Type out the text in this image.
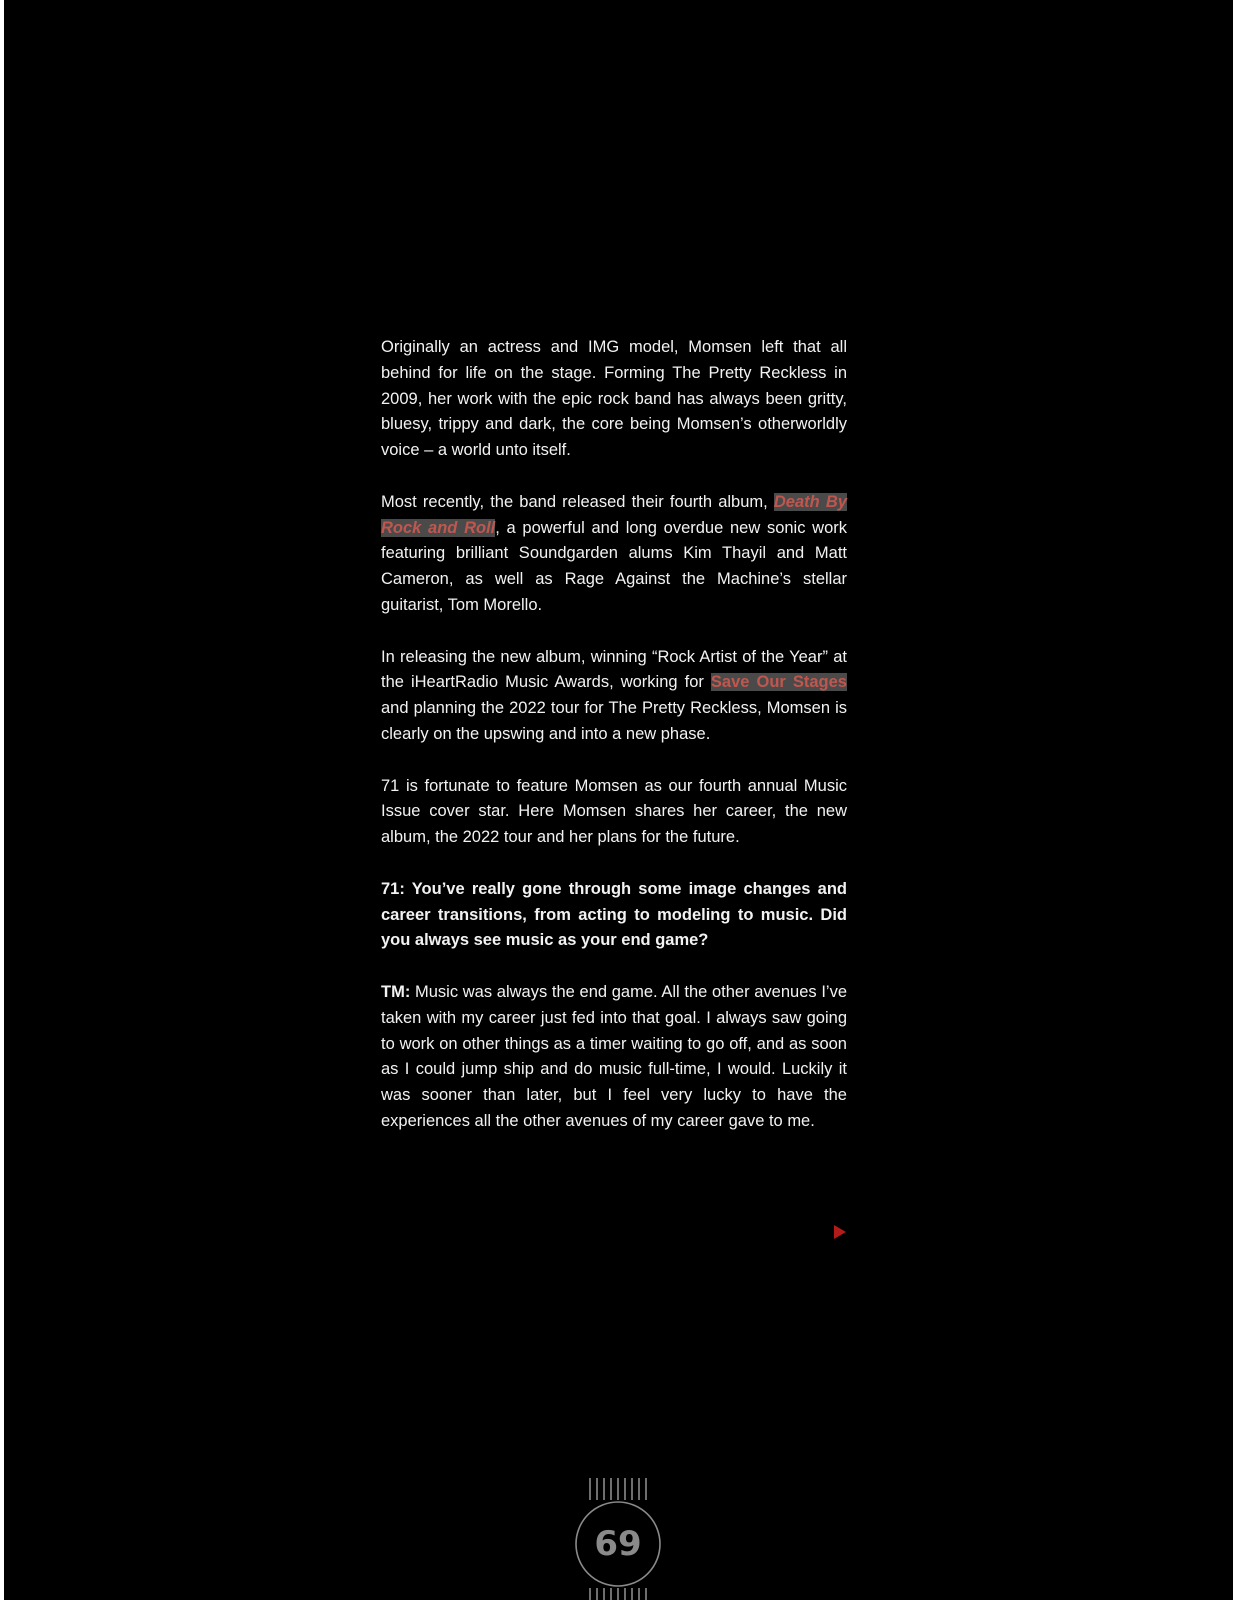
Originally an actress and IMG model, Momsen left that all behind for life on the stage. Forming The Pretty Reckless in 2009, her work with the epic rock band has always been gritty, bluesy, trippy and dark, the core being Momsen’s otherworldly voice – a world unto itself.

Most recently, the band released their fourth album, Death By Rock and Roll, a powerful and long overdue new sonic work featuring brilliant Soundgarden alums Kim Thayil and Matt Cameron, as well as Rage Against the Machine’s stellar guitarist, Tom Morello.

In releasing the new album, winning “Rock Artist of the Year” at the iHeartRadio Music Awards, working for Save Our Stages and planning the 2022 tour for The Pretty Reckless, Momsen is clearly on the upswing and into a new phase.

71 is fortunate to feature Momsen as our fourth annual Music Issue cover star. Here Momsen shares her career, the new album, the 2022 tour and her plans for the future.

71: You’ve really gone through some image changes and career transitions, from acting to modeling to music. Did you always see music as your end game?

TM: Music was always the end game. All the other avenues I’ve taken with my career just fed into that goal. I always saw going to work on other things as a timer waiting to go off, and as soon as I could jump ship and do music full-time, I would. Luckily it was sooner than later, but I feel very lucky to have the experiences all the other avenues of my career gave to me.

69
